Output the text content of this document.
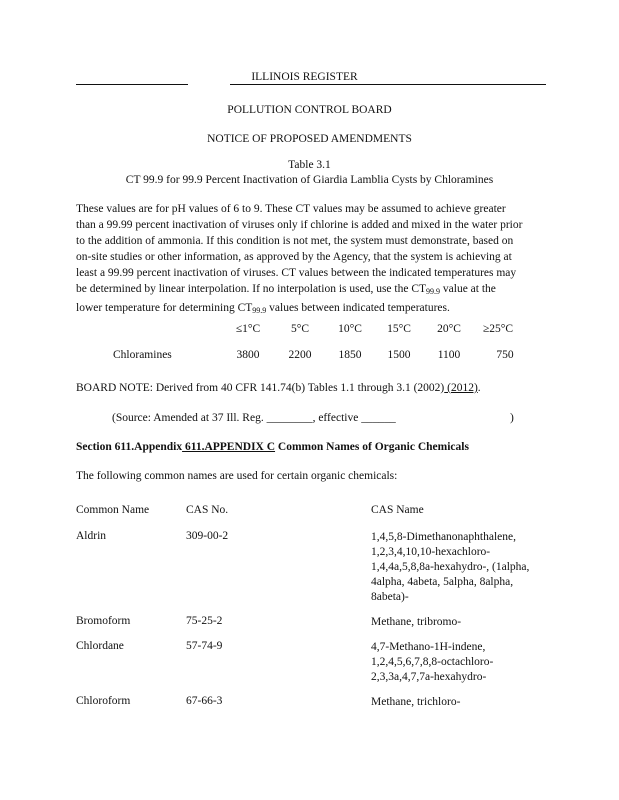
ILLINOIS REGISTER
POLLUTION CONTROL BOARD
NOTICE OF PROPOSED AMENDMENTS
Table 3.1
CT 99.9 for 99.9 Percent Inactivation of Giardia Lamblia Cysts by Chloramines
These values are for pH values of 6 to 9. These CT values may be assumed to achieve greater
than a 99.99 percent inactivation of viruses only if chlorine is added and mixed in the water prior
to the addition of ammonia. If this condition is not met, the system must demonstrate, based on
on-site studies or other information, as approved by the Agency, that the system is achieving at
least a 99.99 percent inactivation of viruses. CT values between the indicated temperatures may
be determined by linear interpolation. If no interpolation is used, use the $CT_{99.9}$ value at the
lower temperature for determining $CT_{99.9}$ values between indicated temperatures.
≤1°C	5°C	10°C	15°C	20°C	≥25°C
Chloramines	3800	2200	1850	1500	1100	750
BOARD NOTE: Derived from 40 CFR 141.74(b) Tables 1.1 through 3.1 (2002) (2012).
(Source: Amended at 37 Ill. Reg. ________, effective ______	)
Section 611.Appendix 611.APPENDIX C Common Names of Organic Chemicals
The following common names are used for certain organic chemicals:
Common Name	CAS No.	CAS Name
Aldrin	309-00-2	1,4,5,8-Dimethanonaphthalene,
1,2,3,4,10,10-hexachloro-
1,4,4a,5,8,8a-hexahydro-, (1alpha,
4alpha, 4abeta, 5alpha, 8alpha,
8abeta)-
Bromoform	75-25-2	Methane, tribromo-
Chlordane	57-74-9	4,7-Methano-1H-indene,
1,2,4,5,6,7,8,8-octachloro-
2,3,3a,4,7,7a-hexahydro-
Chloroform	67-66-3	Methane, trichloro-
